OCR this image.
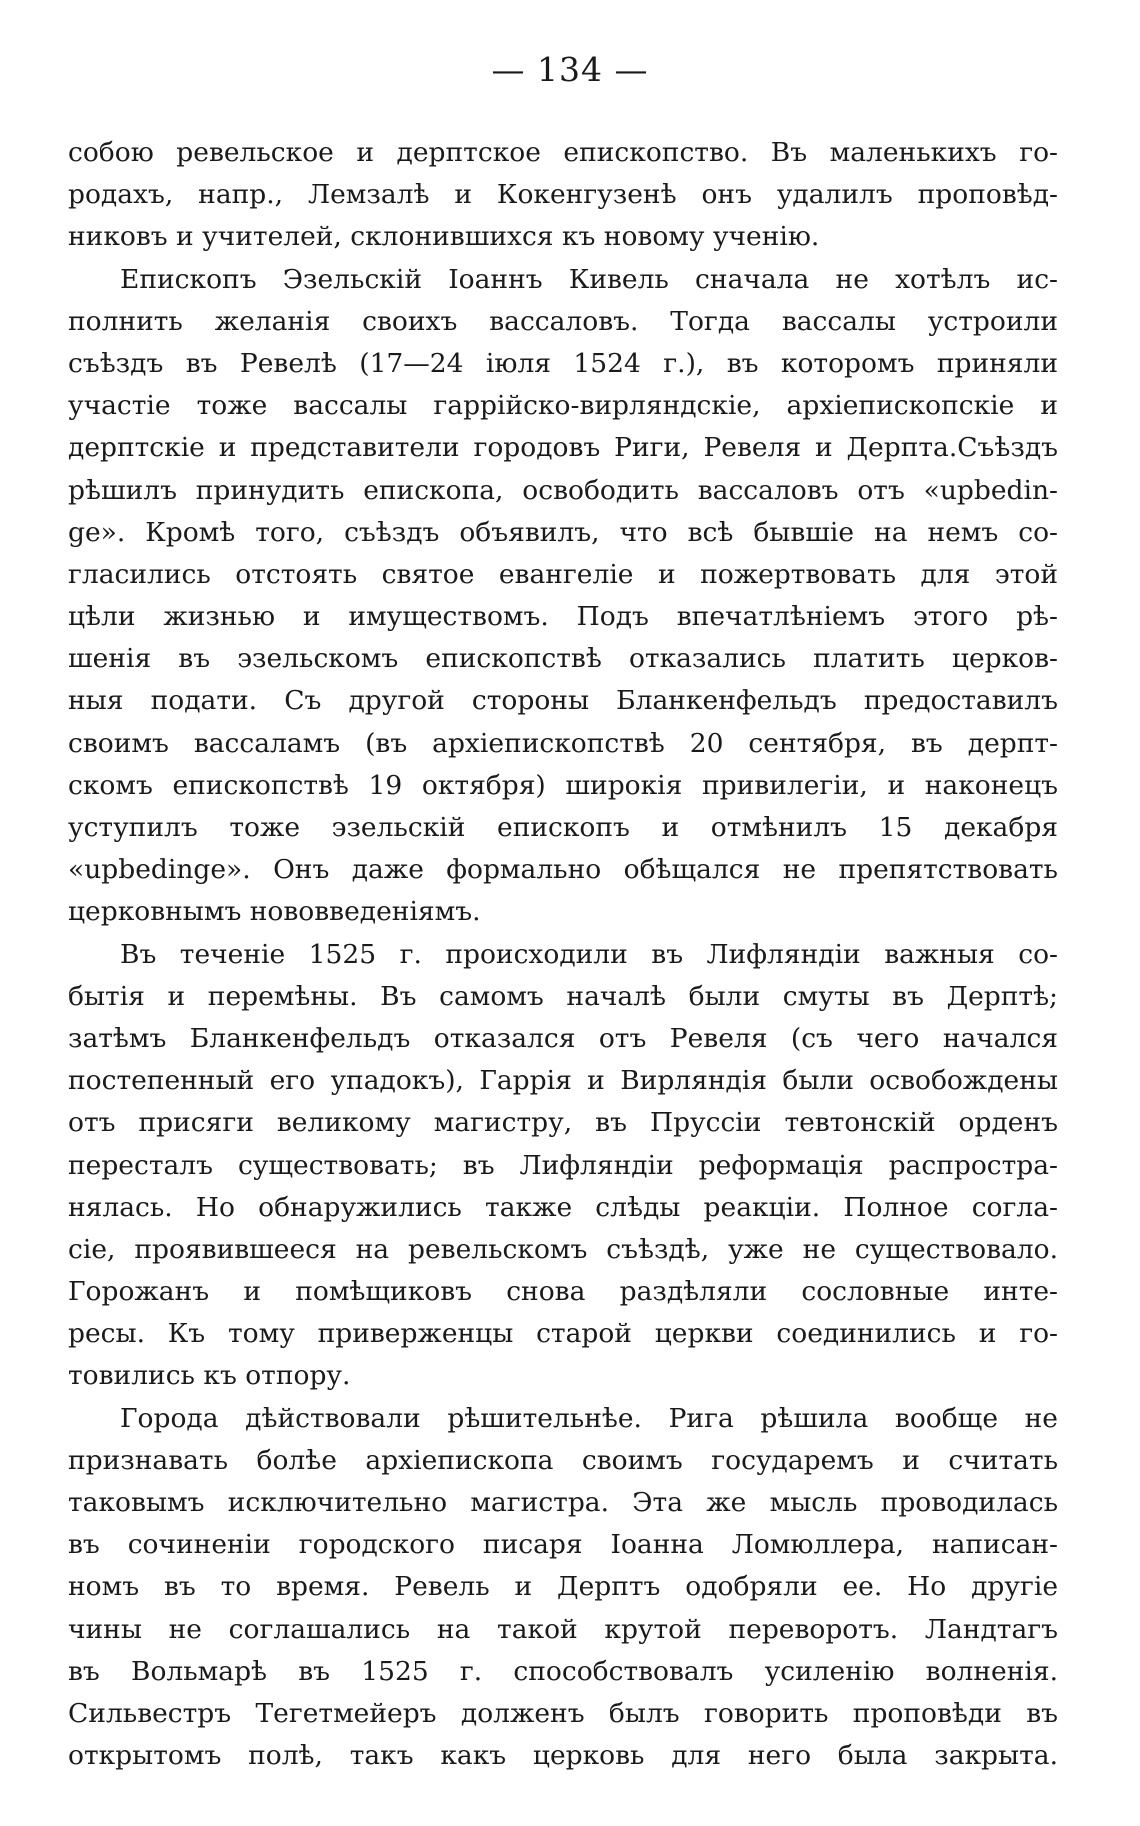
— 134 —
собою ревельское и дерптское епископство. Въ маленькихъ го-
родахъ, напр., Лемзалѣ и Кокенгузенѣ онъ удалилъ проповѣд-
никовъ и учителей, склонившихся къ новому ученію.
Епископъ Эзельскій Іоаннъ Кивель сначала не хотѣлъ ис-
полнить желанія своихъ вассаловъ. Тогда вассалы устроили
съѣздъ въ Ревелѣ (17—24 іюля 1524 г.), въ которомъ приняли
участіе тоже вассалы гаррійско-вирляндскіе, архіепископскіе и
дерптскіе и представители городовъ Риги, Ревеля и Дерпта.Съѣздъ
рѣшилъ принудить епископа, освободить вассаловъ отъ «upbedin-
ge». Кромѣ того, съѣздъ объявилъ, что всѣ бывшіе на немъ со-
гласились отстоять святое евангеліе и пожертвовать для этой
цѣли жизнью и имуществомъ. Подъ впечатлѣніемъ этого рѣ-
шенія въ эзельскомъ епископствѣ отказались платить церков-
ныя подати. Съ другой стороны Бланкенфельдъ предоставилъ
своимъ вассаламъ (въ архіепископствѣ 20 сентября, въ дерпт-
скомъ епископствѣ 19 октября) широкія привилегіи, и наконецъ
уступилъ тоже эзельскій епископъ и отмѣнилъ 15 декабря
«upbedinge». Онъ даже формально обѣщался не препятствовать
церковнымъ нововведеніямъ.
Въ теченіе 1525 г. происходили въ Лифляндіи важныя со-
бытія и перемѣны. Въ самомъ началѣ были смуты въ Дерптѣ;
затѣмъ Бланкенфельдъ отказался отъ Ревеля (съ чего начался
постепенный его упадокъ), Гаррія и Вирляндія были освобождены
отъ присяги великому магистру, въ Пруссіи тевтонскій орденъ
пересталъ существовать; въ Лифляндіи реформація распростра-
нялась. Но обнаружились также слѣды реакціи. Полное согла-
сіе, проявившееся на ревельскомъ съѣздѣ, уже не существовало.
Горожанъ и помѣщиковъ снова раздѣляли сословные инте-
ресы. Къ тому приверженцы старой церкви соединились и го-
товились къ отпору.
Города дѣйствовали рѣшительнѣе. Рига рѣшила вообще не
признавать болѣе архіепископа своимъ государемъ и считать
таковымъ исключительно магистра. Эта же мысль проводилась
въ сочиненіи городского писаря Іоанна Ломюллера, написан-
номъ въ то время. Ревель и Дерптъ одобряли ее. Но другіе
чины не соглашались на такой крутой переворотъ. Ландтагъ
въ Вольмарѣ въ 1525 г. способствовалъ усиленію волненія.
Сильвестръ Тегетмейеръ долженъ былъ говорить проповѣди въ
открытомъ полѣ, такъ какъ церковь для него была закрыта.
